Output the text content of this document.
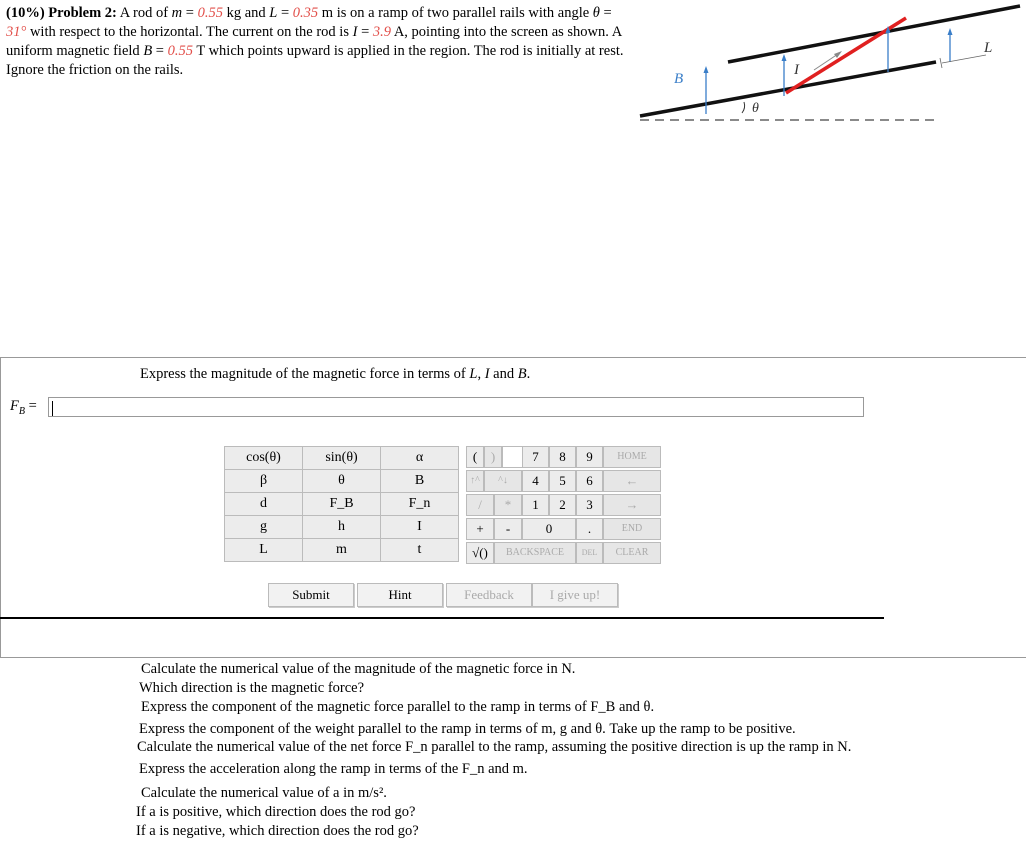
(10%) Problem 2: A rod of m = 0.55 kg and L = 0.35 m is on a ramp of two parallel rails with angle θ = 31° with respect to the horizontal. The current on the rod is I = 3.9 A, pointing into the screen as shown. A uniform magnetic field B = 0.55 T which points upward is applied in the region. The rod is initially at rest. Ignore the friction on the rails.
B
I
L
θ
Express the magnitude of the magnetic force in terms of L, I and B.
$F_B$ =
cos(θ)	sin(θ)	α
β	θ	B
d	F_B	F_n
g	h	I
L	m	t
(	)	7	8	9	HOME
↑^	^↓	4	5	6	←
/	*	1	2	3	→
+	-	0	.	END
√()	BACKSPACE	DEL	CLEAR
Submit	Hint	Feedback	I give up!
Calculate the numerical value of the magnitude of the magnetic force in N.
Which direction is the magnetic force?
Express the component of the magnetic force parallel to the ramp in terms of F_B and θ.
Express the component of the weight parallel to the ramp in terms of m, g and θ. Take up the ramp to be positive.
Calculate the numerical value of the net force F_n parallel to the ramp, assuming the positive direction is up the ramp in N.
Express the acceleration along the ramp in terms of the F_n and m.
Calculate the numerical value of a in m/s².
If a is positive, which direction does the rod go?
If a is negative, which direction does the rod go?
